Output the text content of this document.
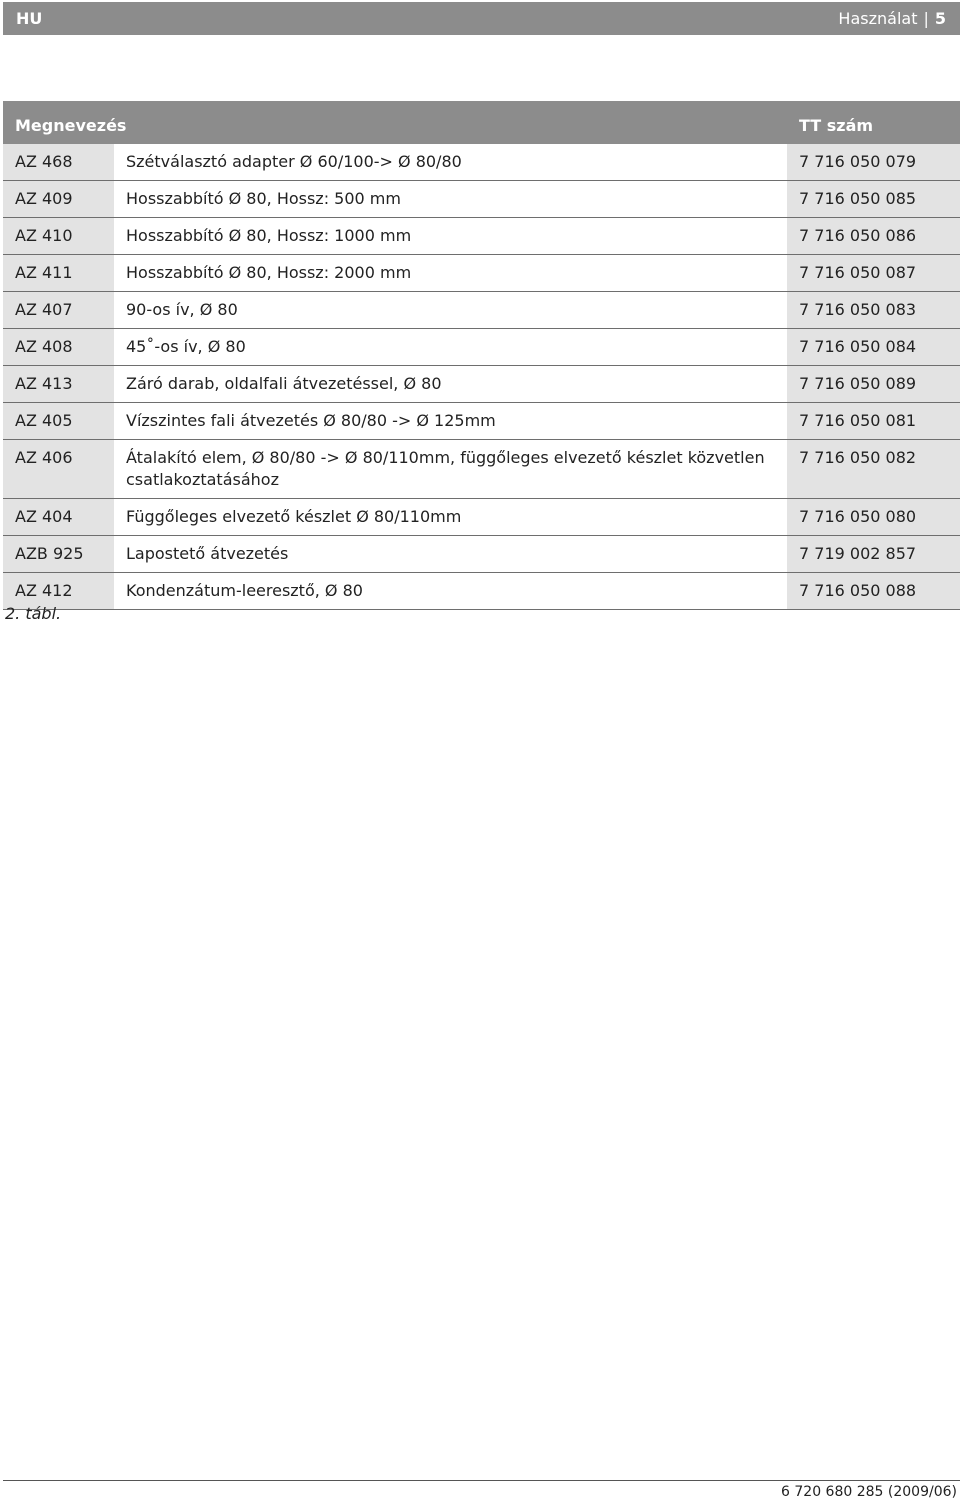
HU	Használat | 5
Megnevezés		TT szám
AZ 468	Szétválasztó adapter Ø 60/100-> Ø 80/80	7 716 050 079
AZ 409	Hosszabbító Ø 80, Hossz: 500 mm	7 716 050 085
AZ 410	Hosszabbító Ø 80, Hossz: 1000 mm	7 716 050 086
AZ 411	Hosszabbító Ø 80, Hossz: 2000 mm	7 716 050 087
AZ 407	90-os ív, Ø 80	7 716 050 083
AZ 408	45˚-os ív, Ø 80	7 716 050 084
AZ 413	Záró darab, oldalfali átvezetéssel, Ø 80	7 716 050 089
AZ 405	Vízszintes fali átvezetés Ø 80/80 -> Ø 125mm	7 716 050 081
AZ 406	Átalakító elem, Ø 80/80 -> Ø 80/110mm, függőleges elvezető készlet közvetlen csatlakoztatásához	7 716 050 082
AZ 404	Függőleges elvezető készlet Ø 80/110mm	7 716 050 080
AZB 925	Lapostető átvezetés	7 719 002 857
AZ 412	Kondenzátum-leeresztő, Ø 80	7 716 050 088
2. tábl.
6 720 680 285 (2009/06)
